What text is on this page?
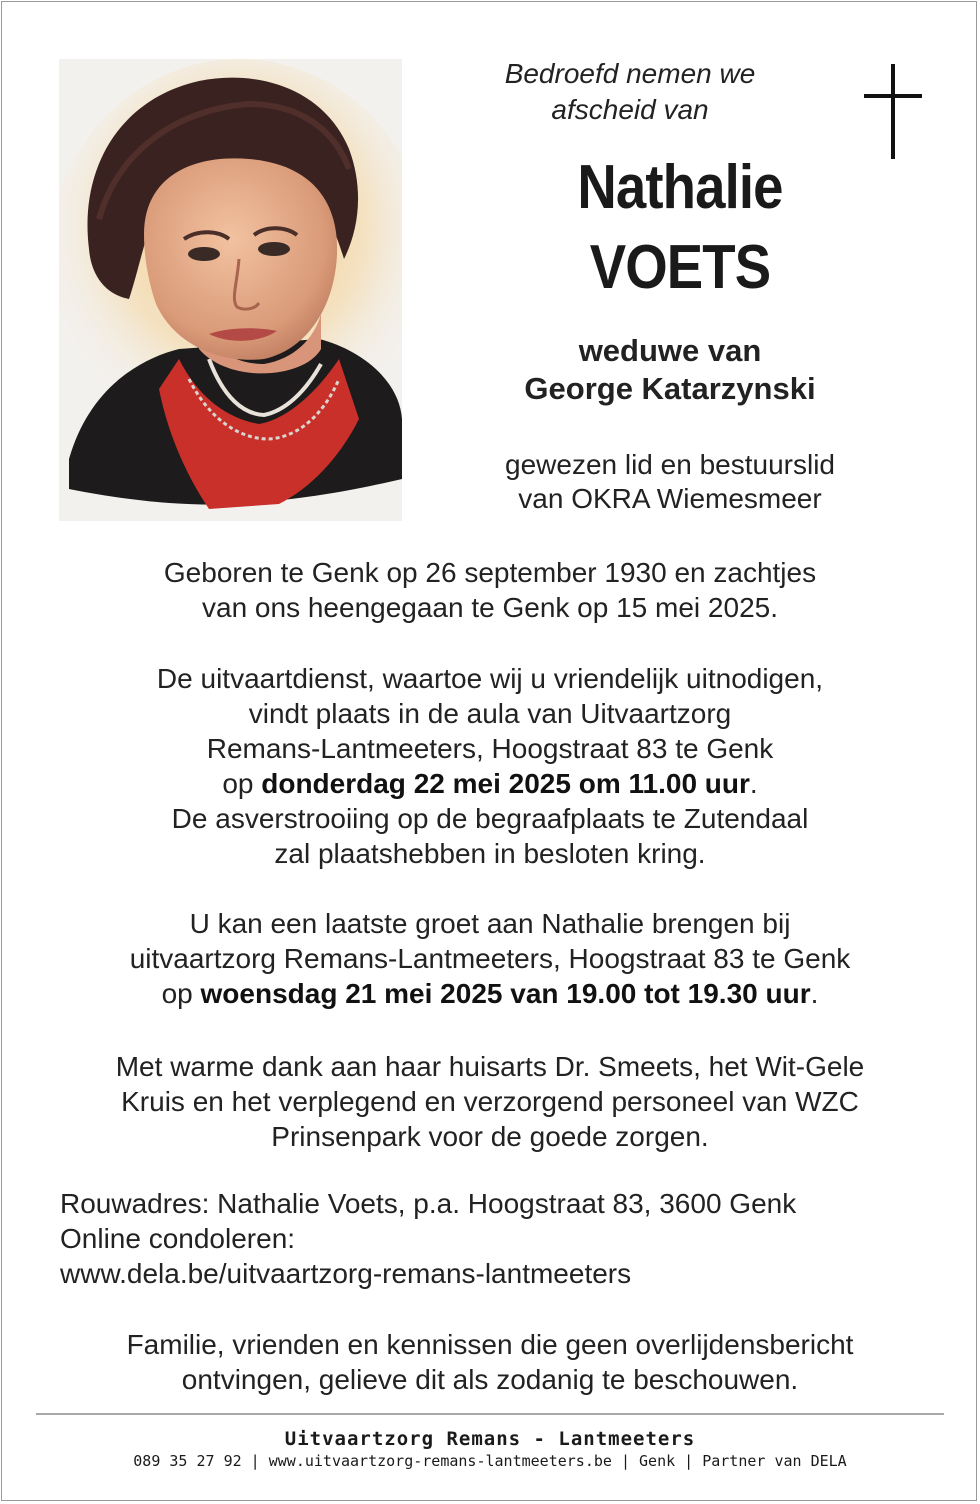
Bedroefd nemen we
afscheid van
Nathalie
VOETS
weduwe van
George Katarzynski
gewezen lid en bestuurslid
van OKRA Wiemesmeer
Geboren te Genk op 26 september 1930 en zachtjes
van ons heengegaan te Genk op 15 mei 2025.
De uitvaartdienst, waartoe wij u vriendelijk uitnodigen,
vindt plaats in de aula van Uitvaartzorg
Remans-Lantmeeters, Hoogstraat 83 te Genk
op donderdag 22 mei 2025 om 11.00 uur.
De asverstrooiing op de begraafplaats te Zutendaal
zal plaatshebben in besloten kring.
U kan een laatste groet aan Nathalie brengen bij
uitvaartzorg Remans-Lantmeeters, Hoogstraat 83 te Genk
op woensdag 21 mei 2025 van 19.00 tot 19.30 uur.
Met warme dank aan haar huisarts Dr. Smeets, het Wit-Gele
Kruis en het verplegend en verzorgend personeel van WZC
Prinsenpark voor de goede zorgen.
Rouwadres: Nathalie Voets, p.a. Hoogstraat 83, 3600 Genk
Online condoleren:
www.dela.be/uitvaartzorg-remans-lantmeeters
Familie, vrienden en kennissen die geen overlijdensbericht
ontvingen, gelieve dit als zodanig te beschouwen.
Uitvaartzorg Remans - Lantmeeters
089 35 27 92 | www.uitvaartzorg-remans-lantmeeters.be | Genk | Partner van DELA
